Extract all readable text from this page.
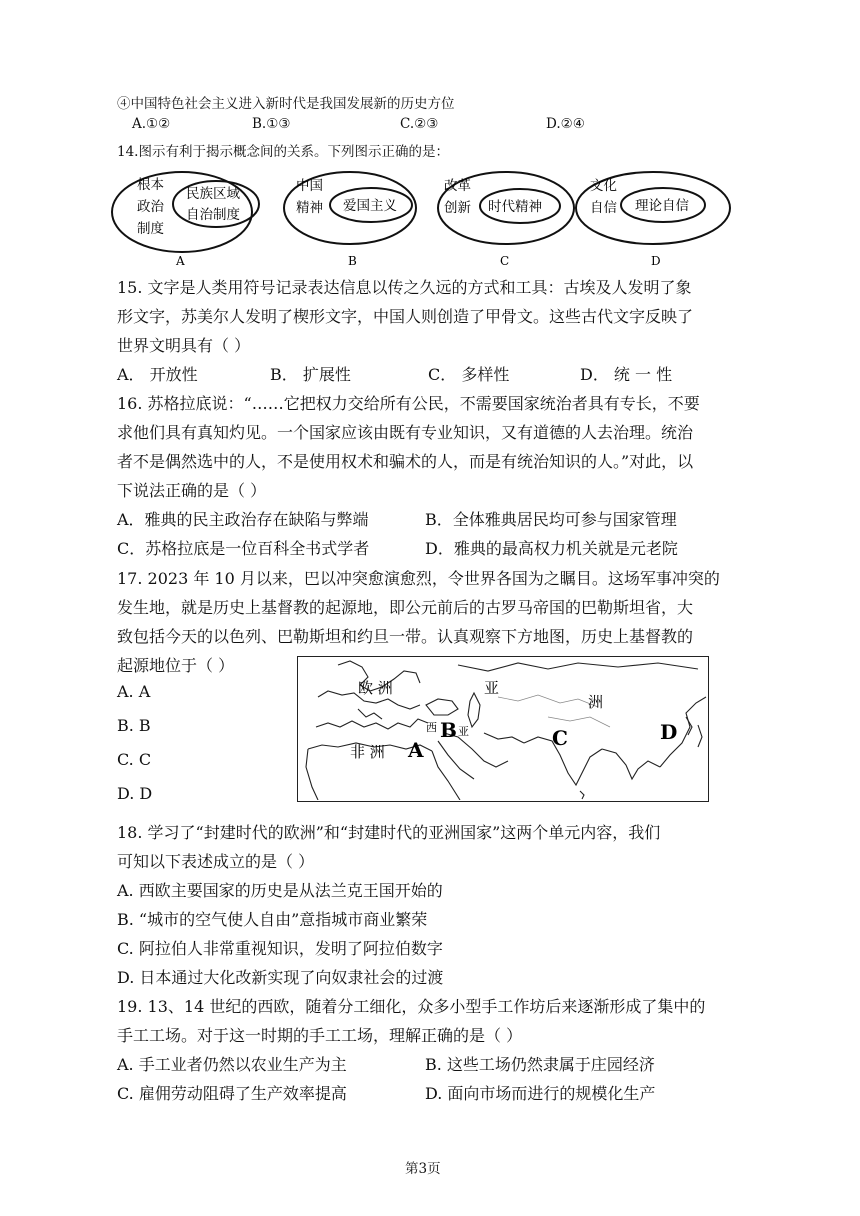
④中国特色社会主义进入新时代是我国发展新的历史方位
A.①②	B.①③	C.②③	D.②④
14.图示有利于揭示概念间的关系。下列图示正确的是：
根本
政治
制度
民族区域
自治制度
A
中国
精神 爱国主义
B
改革
创新 时代精神
C
文化
自信 理论自信
D
15. 文字是人类用符号记录表达信息以传之久远的方式和工具：古埃及人发明了象
形文字，苏美尔人发明了楔形文字，中国人则创造了甲骨文。这些古代文字反映了
世界文明具有（ ）
A． 开放性	B． 扩展性	C． 多样性	D． 统 一 性
16. 苏格拉底说：“……它把权力交给所有公民，不需要国家统治者具有专长，不要
求他们具有真知灼见。一个国家应该由既有专业知识，又有道德的人去治理。统治
者不是偶然选中的人，不是使用权术和骗术的人，而是有统治知识的人。”对此，以
下说法正确的是（ ）
A．雅典的民主政治存在缺陷与弊端	B．全体雅典居民均可参与国家管理
C．苏格拉底是一位百科全书式学者	D．雅典的最高权力机关就是元老院
17. 2023 年 10 月以来，巴以冲突愈演愈烈，令世界各国为之瞩目。这场军事冲突的
发生地，就是历史上基督教的起源地，即公元前后的古罗马帝国的巴勒斯坦省，大
致包括今天的以色列、巴勒斯坦和约旦一带。认真观察下方地图，历史上基督教的
起源地位于（ ）
A. A
B. B
C. C
D. D
欧 洲	亚
洲
非 洲
西 亚
A
B	C	D
18. 学习了“封建时代的欧洲”和“封建时代的亚洲国家”这两个单元内容，我们
可知以下表述成立的是（ ）
A. 西欧主要国家的历史是从法兰克王国开始的
B. “城市的空气使人自由”意指城市商业繁荣
C. 阿拉伯人非常重视知识，发明了阿拉伯数字
D. 日本通过大化改新实现了向奴隶社会的过渡
19. 13、14 世纪的西欧，随着分工细化，众多小型手工作坊后来逐渐形成了集中的
手工工场。对于这一时期的手工工场，理解正确的是（ ）
A. 手工业者仍然以农业生产为主	B. 这些工场仍然隶属于庄园经济
C. 雇佣劳动阻碍了生产效率提高	D. 面向市场而进行的规模化生产
第3页
